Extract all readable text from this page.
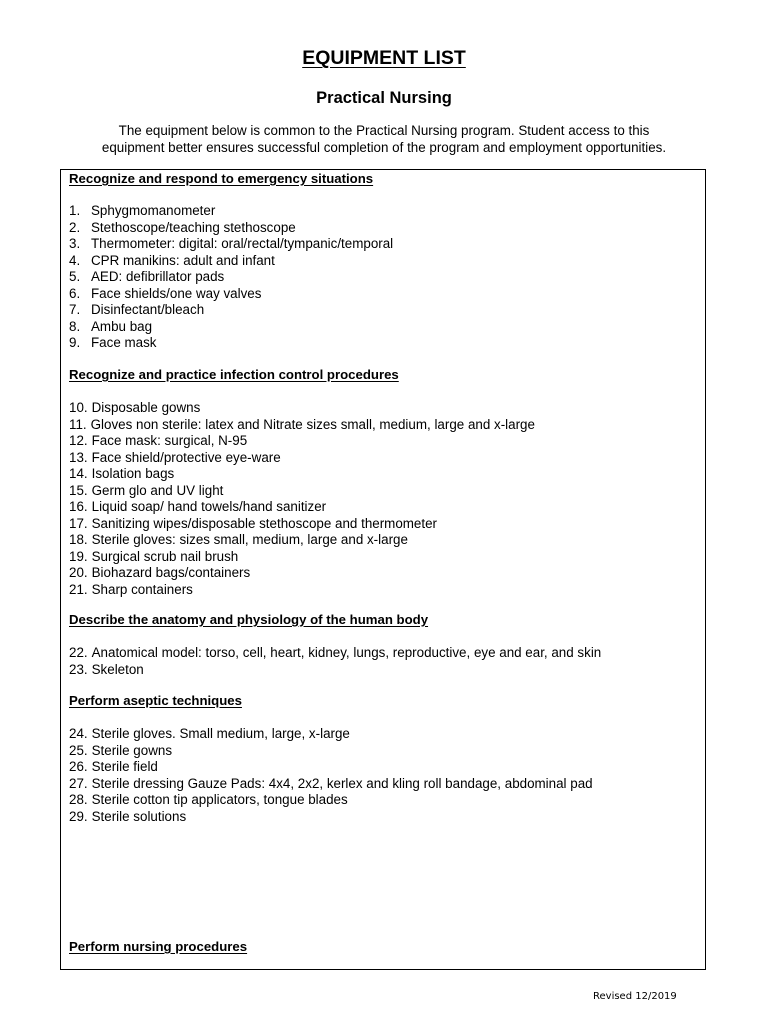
EQUIPMENT LIST
Practical Nursing
The equipment below is common to the Practical Nursing program. Student access to this
equipment better ensures successful completion of the program and employment opportunities.
Recognize and respond to emergency situations
1. Sphygmomanometer
2. Stethoscope/teaching stethoscope
3. Thermometer: digital: oral/rectal/tympanic/temporal
4. CPR manikins: adult and infant
5. AED: defibrillator pads
6. Face shields/one way valves
7. Disinfectant/bleach
8. Ambu bag
9. Face mask
Recognize and practice infection control procedures
10. Disposable gowns
11. Gloves non sterile: latex and Nitrate sizes small, medium, large and x-large
12. Face mask: surgical, N-95
13. Face shield/protective eye-ware
14. Isolation bags
15. Germ glo and UV light
16. Liquid soap/ hand towels/hand sanitizer
17. Sanitizing wipes/disposable stethoscope and thermometer
18. Sterile gloves: sizes small, medium, large and x-large
19. Surgical scrub nail brush
20. Biohazard bags/containers
21. Sharp containers
Describe the anatomy and physiology of the human body
22. Anatomical model: torso, cell, heart, kidney, lungs, reproductive, eye and ear, and skin
23. Skeleton
Perform aseptic techniques
24. Sterile gloves. Small medium, large, x-large
25. Sterile gowns
26. Sterile field
27. Sterile dressing Gauze Pads: 4x4, 2x2, kerlex and kling roll bandage, abdominal pad
28. Sterile cotton tip applicators, tongue blades
29. Sterile solutions
Perform nursing procedures
Revised 12/2019
